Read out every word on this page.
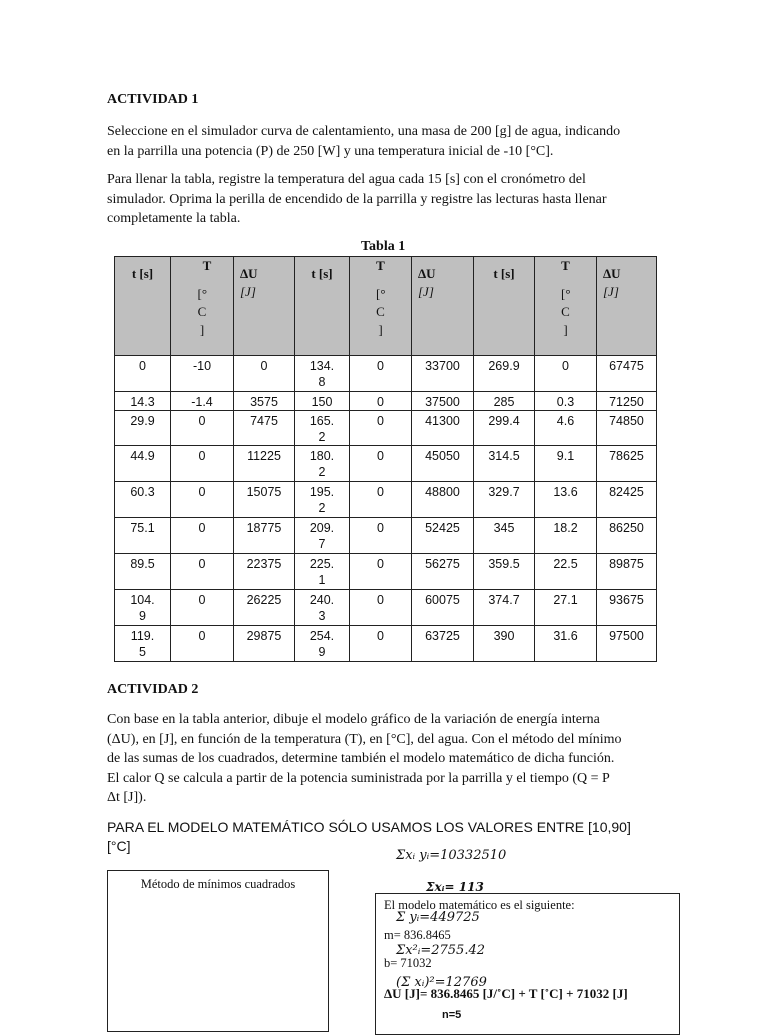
ACTIVIDAD 1
Seleccione en el simulador curva de calentamiento, una masa de 200 [g] de agua, indicando
en la parrilla una potencia (P) de 250 [W] y una temperatura inicial de -10 [°C].
Para llenar la tabla, registre la temperatura del agua cada 15 [s] con el cronómetro del
simulador. Oprima la perilla de encendido de la parrilla y registre las lecturas hasta llenar
completamente la tabla.
Tabla 1
t [s]	T
[°
C
]	ΔU
[J]	t [s]	T
[°
C
]	ΔU
[J]	t [s]	T
[°
C
]	ΔU
[J]
0	-10	0	134.8	0	33700	269.9	0	67475
14.3	-1.4	3575	150	0	37500	285	0.3	71250
29.9	0	7475	165.2	0	41300	299.4	4.6	74850
44.9	0	11225	180.2	0	45050	314.5	9.1	78625
60.3	0	15075	195.2	0	48800	329.7	13.6	82425
75.1	0	18775	209.7	0	52425	345	18.2	86250
89.5	0	22375	225.1	0	56275	359.5	22.5	89875
104.9	0	26225	240.3	0	60075	374.7	27.1	93675
119.5	0	29875	254.9	0	63725	390	31.6	97500
ACTIVIDAD 2
Con base en la tabla anterior, dibuje el modelo gráfico de la variación de energía interna
(ΔU), en [J], en función de la temperatura (T), en [°C], del agua. Con el método del mínimo
de las sumas de los cuadrados, determine también el modelo matemático de dicha función.
El calor Q se calcula a partir de la potencia suministrada por la parrilla y el tiempo (Q = P
Δt [J]).
PARA EL MODELO MATEMÁTICO SÓLO USAMOS LOS VALORES ENTRE [10,90]
[°C]
Σxᵢ yᵢ=10332510
Método de mínimos cuadrados
El modelo matemático es el siguiente:
m= 836.8465
b= 71032
ΔU [J]= 836.8465 [J/˚C] + T [˚C] + 71032 [J]
n=5
Σxᵢ= 113
Σ yᵢ=449725
Σx²ᵢ=2755.42
(Σ xᵢ)²=12769
